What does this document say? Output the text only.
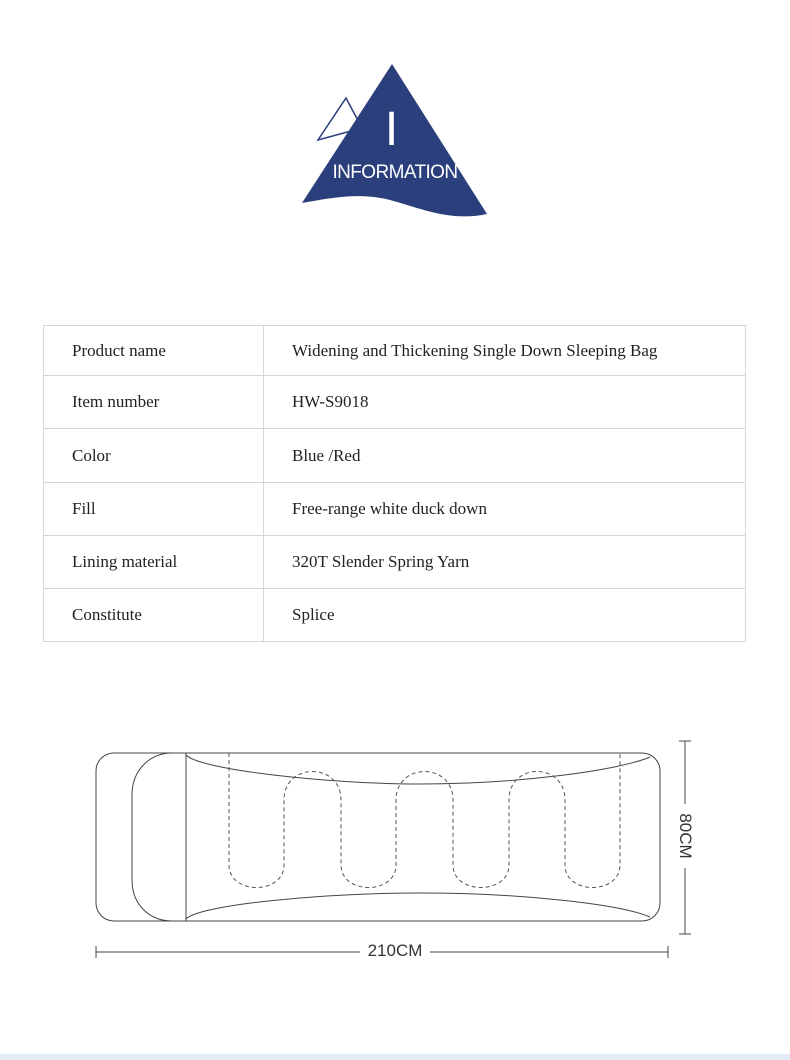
I
INFORMATION
Product name	Widening and Thickening Single Down Sleeping Bag
Item number	HW-S9018
Color	Blue /Red
Fill	Free-range white duck down
Lining material	320T Slender Spring Yarn
Constitute	Splice
210CM
80CM
